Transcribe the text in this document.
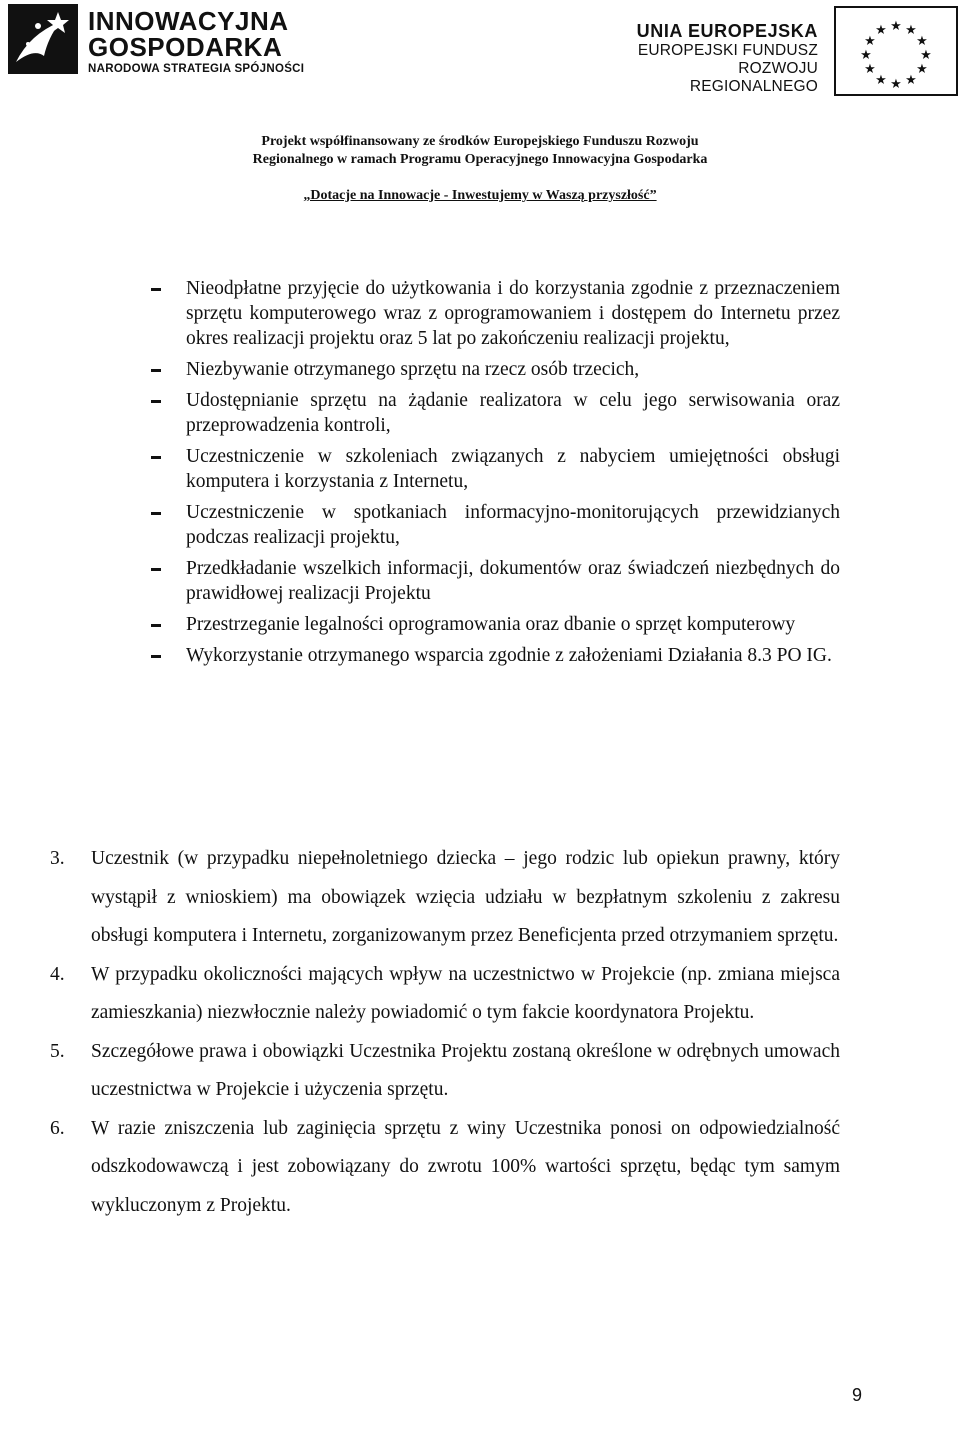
INNOWACYJNA
GOSPODARKA
NARODOWA STRATEGIA SPÓJNOŚCI
UNIA EUROPEJSKA
EUROPEJSKI FUNDUSZ
ROZWOJU REGIONALNEGO
★ ★
★
★
★
★
★
★
★
★
★
★
Projekt współfinansowany ze środków Europejskiego Funduszu Rozwoju
Regionalnego w ramach Programu Operacyjnego Innowacyjna Gospodarka
„Dotacje na Innowacje - Inwestujemy w Waszą przyszłość”
Nieodpłatne przyjęcie do użytkowania i do korzystania zgodnie z przeznaczeniem sprzętu komputerowego wraz z oprogramowaniem i dostępem do Internetu przez okres realizacji projektu oraz 5 lat po zakończeniu realizacji projektu,
Niezbywanie otrzymanego sprzętu na rzecz osób trzecich,
Udostępnianie sprzętu na żądanie realizatora w celu jego serwisowania oraz przeprowadzenia kontroli,
Uczestniczenie w szkoleniach związanych z nabyciem umiejętności obsługi komputera i korzystania z Internetu,
Uczestniczenie w spotkaniach informacyjno-monitorujących przewidzianych podczas realizacji projektu,
Przedkładanie wszelkich informacji, dokumentów oraz świadczeń niezbędnych do prawidłowej realizacji Projektu
Przestrzeganie legalności oprogramowania oraz dbanie o sprzęt komputerowy
Wykorzystanie otrzymanego wsparcia zgodnie z założeniami Działania 8.3 PO IG.
3. Uczestnik (w przypadku niepełnoletniego dziecka – jego rodzic lub opiekun prawny, który wystąpił z wnioskiem) ma obowiązek wzięcia udziału w bezpłatnym szkoleniu z zakresu obsługi komputera i Internetu, zorganizowanym przez Beneficjenta przed otrzymaniem sprzętu.
4. W przypadku okoliczności mających wpływ na uczestnictwo w Projekcie (np. zmiana miejsca zamieszkania) niezwłocznie należy powiadomić o tym fakcie koordynatora Projektu.
5. Szczegółowe prawa i obowiązki Uczestnika Projektu zostaną określone w odrębnych umowach uczestnictwa w Projekcie i użyczenia sprzętu.
6. W razie zniszczenia lub zaginięcia sprzętu z winy Uczestnika ponosi on odpowiedzialność odszkodowawczą i jest zobowiązany do zwrotu 100% wartości sprzętu, będąc tym samym wykluczonym z Projektu.
9
